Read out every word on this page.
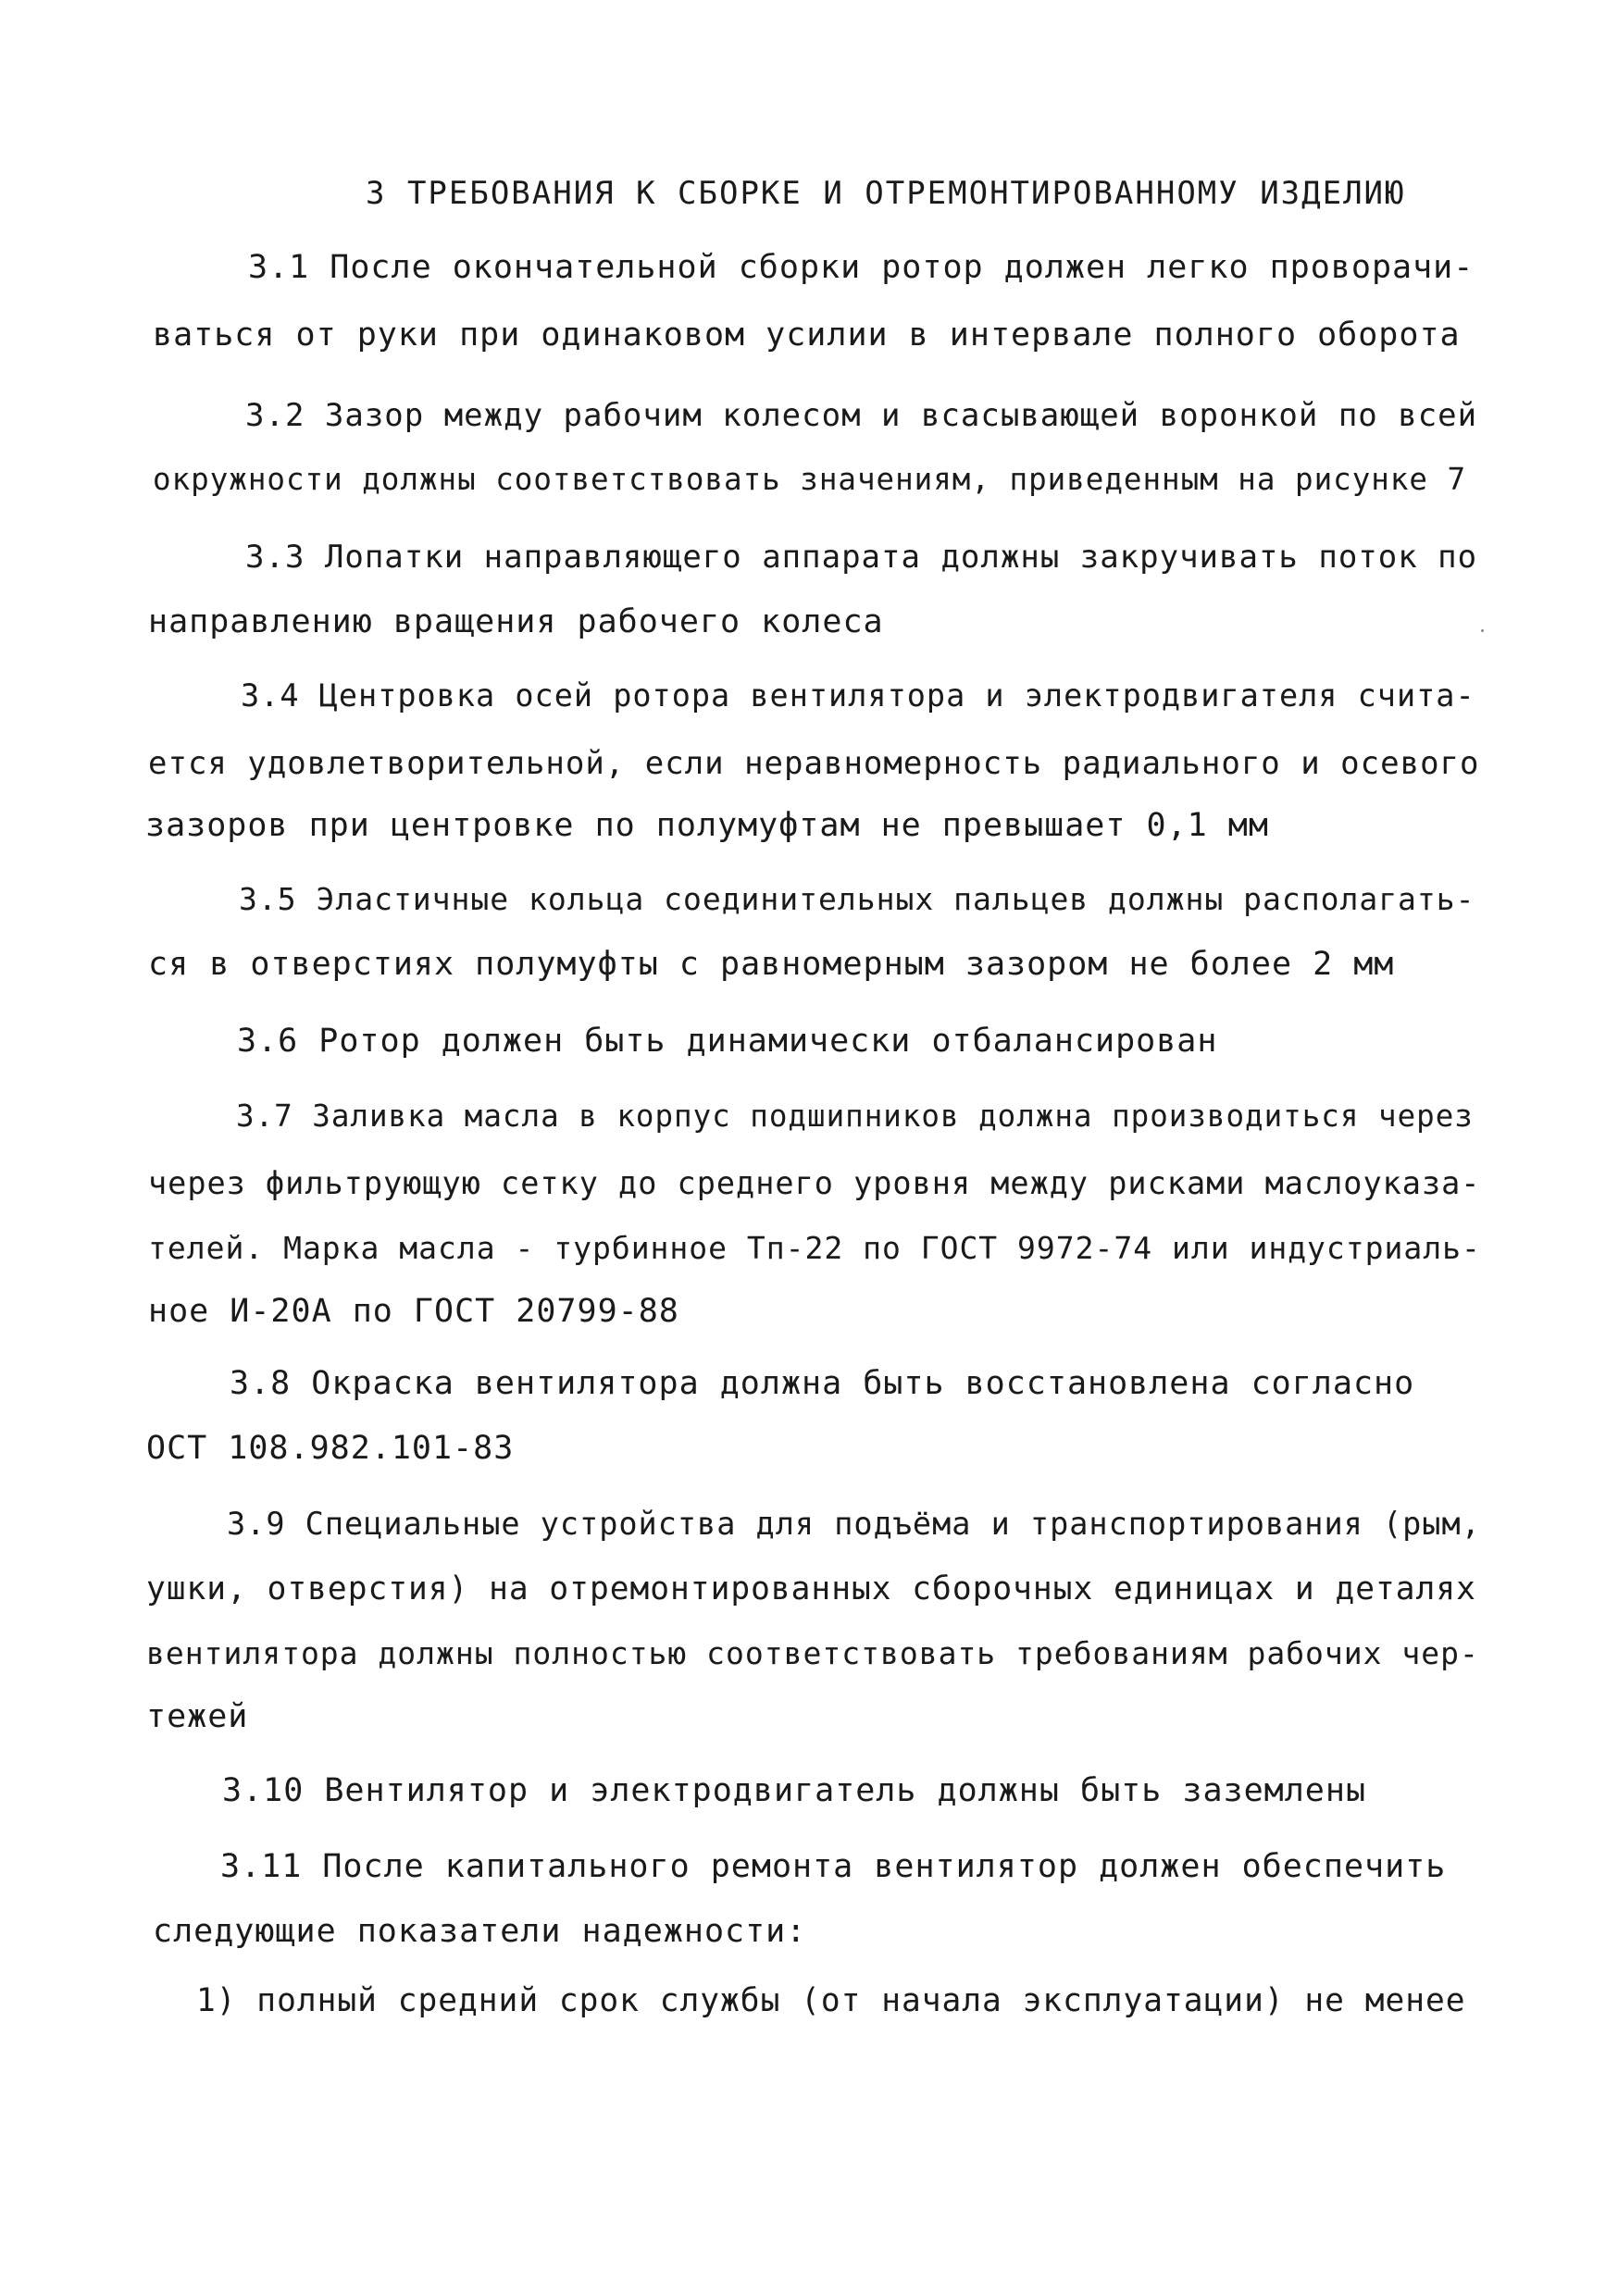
3 ТРЕБОВАНИЯ К СБОРКЕ И ОТРЕМОНТИРОВАННОМУ ИЗДЕЛИЮ
3.1 После окончательной сборки ротор должен легко проворачи-
ваться от руки при одинаковом усилии в интервале полного оборота
3.2 Зазор между рабочим колесом и всасывающей воронкой по всей
окружности должны соответствовать значениям, приведенным на рисунке 7
3.3 Лопатки направляющего аппарата должны закручивать поток по
направлению вращения рабочего колеса
3.4 Центровка осей ротора вентилятора и электродвигателя счита-
ется удовлетворительной, если неравномерность радиального и осевого
зазоров при центровке по полумуфтам не превышает 0,1 мм
3.5 Эластичные кольца соединительных пальцев должны располагать-
ся в отверстиях полумуфты с равномерным зазором не более 2 мм
3.6 Ротор должен быть динамически отбалансирован
3.7 Заливка масла в корпус подшипников должна производиться через
через фильтрующую сетку до среднего уровня между рисками маслоуказа-
телей. Марка масла - турбинное Тп-22 по ГОСТ 9972-74 или индустриаль-
ное И-20А по ГОСТ 20799-88
3.8 Окраска вентилятора должна быть восстановлена согласно
ОСТ 108.982.101-83
3.9 Специальные устройства для подъёма и транспортирования (рым,
ушки, отверстия) на отремонтированных сборочных единицах и деталях
вентилятора должны полностью соответствовать требованиям рабочих чер-
тежей
3.10 Вентилятор и электродвигатель должны быть заземлены
3.11 После капитального ремонта вентилятор должен обеспечить
следующие показатели надежности:
1) полный средний срок службы (от начала эксплуатации) не менее
